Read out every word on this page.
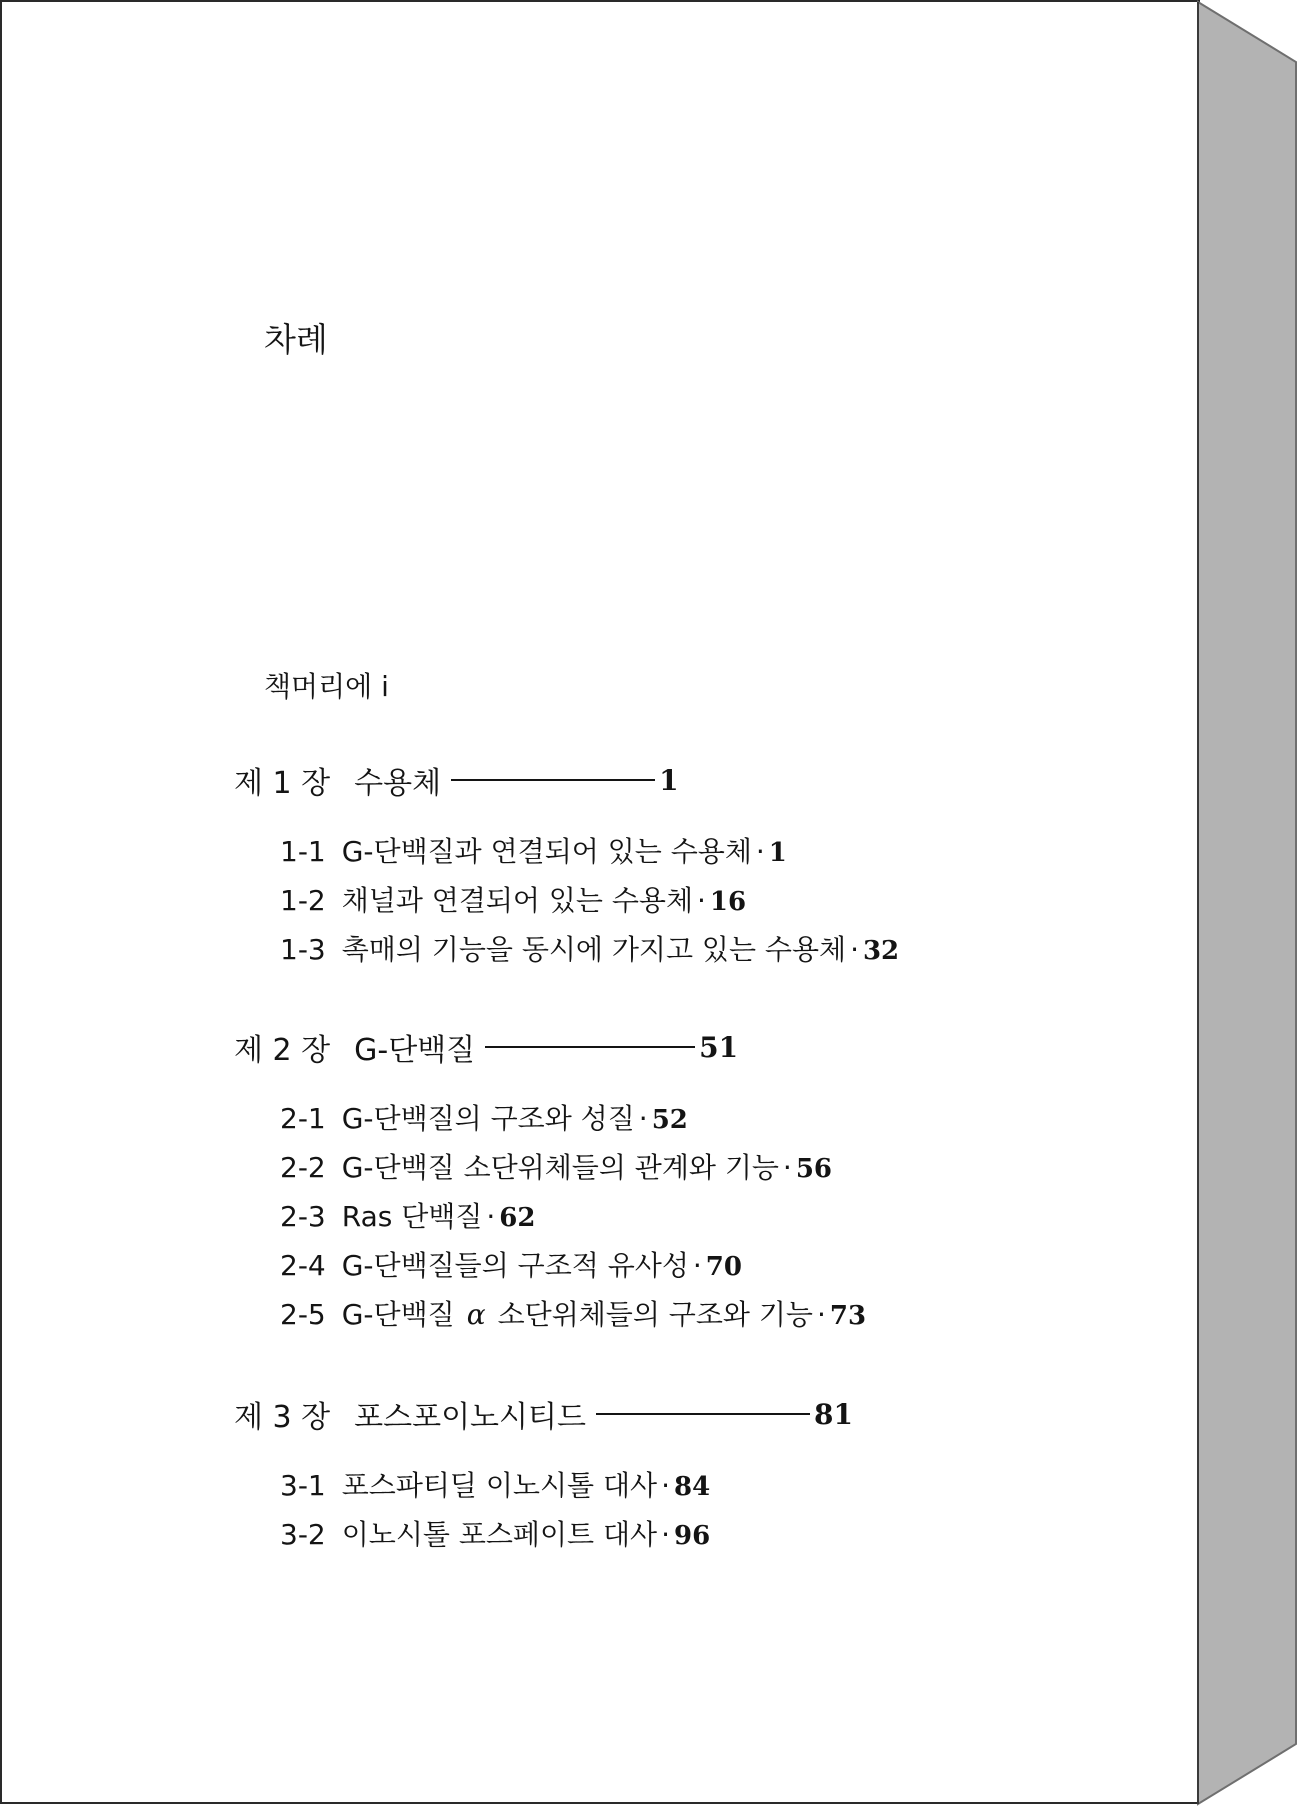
차례
책머리에 i
제 1 장 수용체	1
1-1 G-단백질과 연결되어 있는 수용체 · 1
1-2 채널과 연결되어 있는 수용체 · 16
1-3 촉매의 기능을 동시에 가지고 있는 수용체 · 32
제 2 장 G-단백질	51
2-1 G-단백질의 구조와 성질 · 52
2-2 G-단백질 소단위체들의 관계와 기능 · 56
2-3 Ras 단백질 · 62
2-4 G-단백질들의 구조적 유사성 · 70
2-5 G-단백질 α 소단위체들의 구조와 기능 · 73
제 3 장 포스포이노시티드	81
3-1 포스파티딜 이노시톨 대사 · 84
3-2 이노시톨 포스페이트 대사 · 96
